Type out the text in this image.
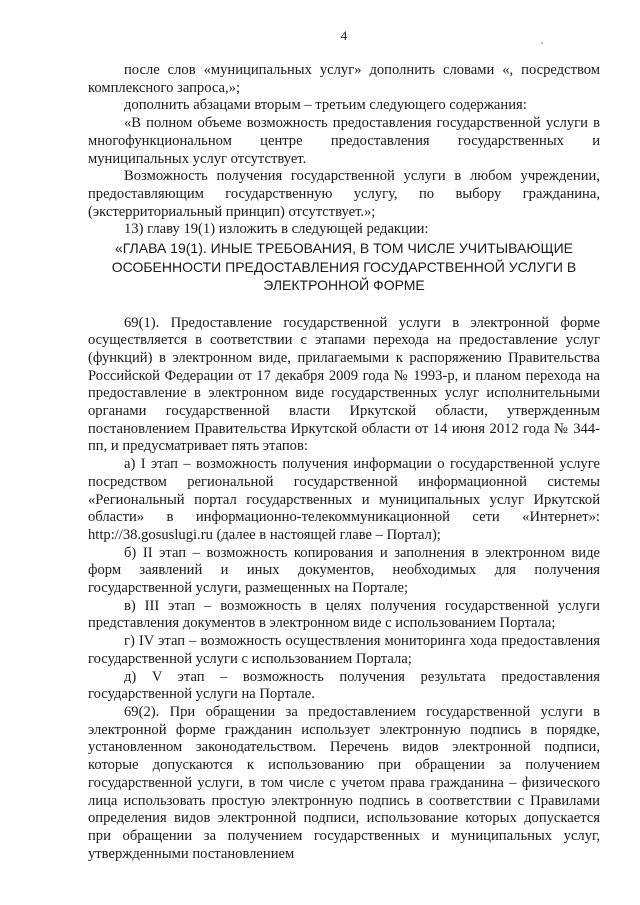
4

после слов «муниципальных услуг» дополнить словами «, посредством комплексного запроса,»;

дополнить абзацами вторым – третьим следующего содержания:

«В полном объеме возможность предоставления государственной услуги в многофункциональном центре предоставления государственных и муниципальных услуг отсутствует.

Возможность получения государственной услуги в любом учреждении, предоставляющим государственную услугу, по выбору гражданина, (экстерриториальный принцип) отсутствует.»;

13) главу 19(1) изложить в следующей редакции:

«ГЛАВА 19(1). ИНЫЕ ТРЕБОВАНИЯ, В ТОМ ЧИСЛЕ УЧИТЫВАЮЩИЕ ОСОБЕННОСТИ ПРЕДОСТАВЛЕНИЯ ГОСУДАРСТВЕННОЙ УСЛУГИ В ЭЛЕКТРОННОЙ ФОРМЕ

69(1). Предоставление государственной услуги в электронной форме осуществляется в соответствии с этапами перехода на предоставление услуг (функций) в электронном виде, прилагаемыми к распоряжению Правительства Российской Федерации от 17 декабря 2009 года № 1993-р, и планом перехода на предоставление в электронном виде государственных услуг исполнительными органами государственной власти Иркутской области, утвержденным постановлением Правительства Иркутской области от 14 июня 2012 года № 344-пп, и предусматривает пять этапов:

а) I этап – возможность получения информации о государственной услуге посредством региональной государственной информационной системы «Региональный портал государственных и муниципальных услуг Иркутской области» в информационно-телекоммуникационной сети «Интернет»: http://38.gosuslugi.ru (далее в настоящей главе – Портал);

б) II этап – возможность копирования и заполнения в электронном виде форм заявлений и иных документов, необходимых для получения государственной услуги, размещенных на Портале;

в) III этап – возможность в целях получения государственной услуги представления документов в электронном виде с использованием Портала;

г) IV этап – возможность осуществления мониторинга хода предоставления государственной услуги с использованием Портала;

д) V этап – возможность получения результата предоставления государственной услуги на Портале.

69(2). При обращении за предоставлением государственной услуги в электронной форме гражданин использует электронную подпись в порядке, установленном законодательством. Перечень видов электронной подписи, которые допускаются к использованию при обращении за получением государственной услуги, в том числе с учетом права гражданина – физического лица использовать простую электронную подпись в соответствии с Правилами определения видов электронной подписи, использование которых допускается при обращении за получением государственных и муниципальных услуг, утвержденными постановлением
